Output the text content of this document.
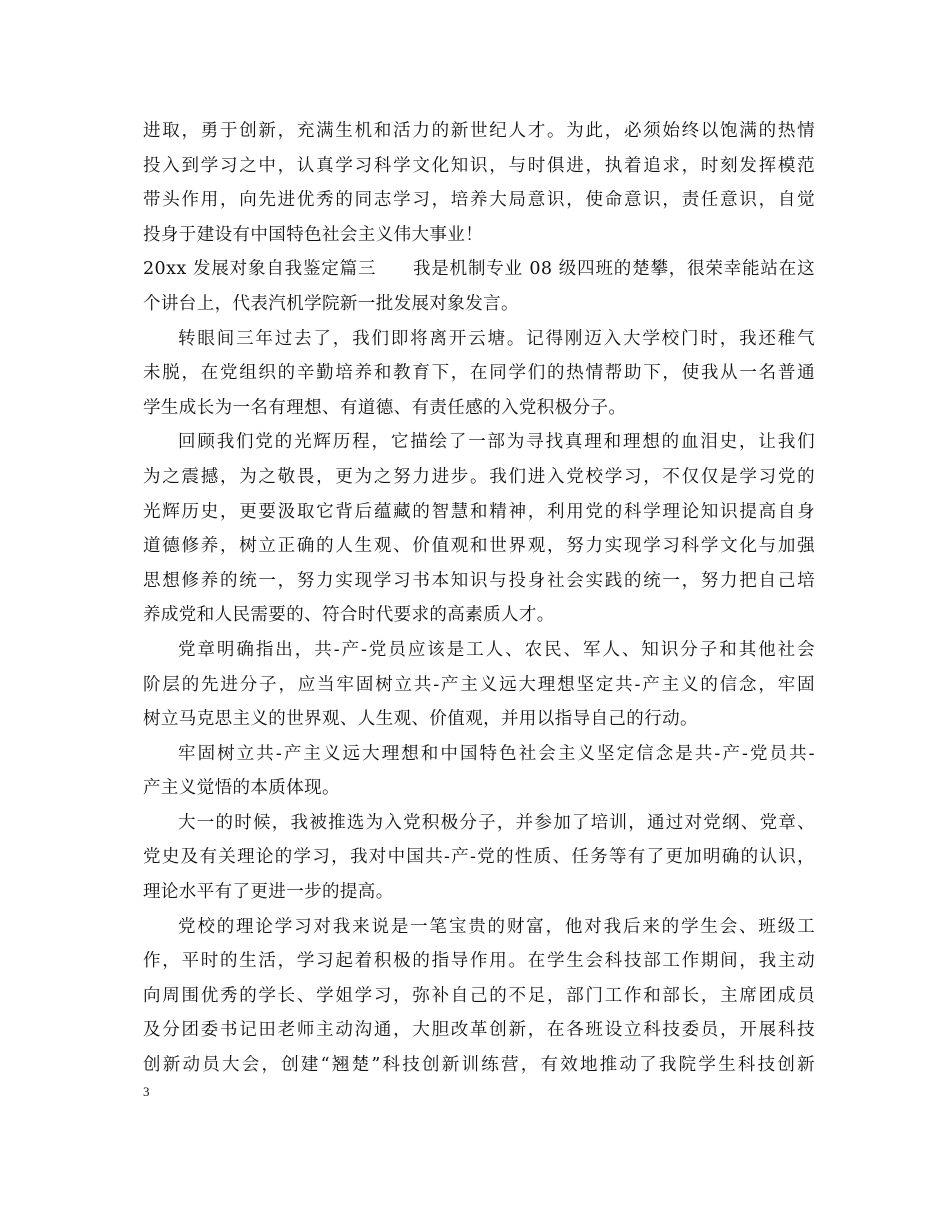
进取，勇于创新，充满生机和活力的新世纪人才。为此，必须始终以饱满的热情
投入到学习之中，认真学习科学文化知识，与时俱进，执着追求，时刻发挥模范
带头作用，向先进优秀的同志学习，培养大局意识，使命意识，责任意识，自觉
投身于建设有中国特色社会主义伟大事业！
20xx 发展对象自我鉴定篇三　　我是机制专业 08 级四班的楚攀，很荣幸能站在这
个讲台上，代表汽机学院新一批发展对象发言。
转眼间三年过去了，我们即将离开云塘。记得刚迈入大学校门时，我还稚气
未脱，在党组织的辛勤培养和教育下，在同学们的热情帮助下，使我从一名普通
学生成长为一名有理想、有道德、有责任感的入党积极分子。
回顾我们党的光辉历程，它描绘了一部为寻找真理和理想的血泪史，让我们
为之震撼，为之敬畏，更为之努力进步。我们进入党校学习，不仅仅是学习党的
光辉历史，更要汲取它背后蕴藏的智慧和精神，利用党的科学理论知识提高自身
道德修养，树立正确的人生观、价值观和世界观，努力实现学习科学文化与加强
思想修养的统一，努力实现学习书本知识与投身社会实践的统一，努力把自己培
养成党和人民需要的、符合时代要求的高素质人才。
党章明确指出，共-产-党员应该是工人、农民、军人、知识分子和其他社会
阶层的先进分子，应当牢固树立共-产主义远大理想坚定共-产主义的信念，牢固
树立马克思主义的世界观、人生观、价值观，并用以指导自己的行动。
牢固树立共-产主义远大理想和中国特色社会主义坚定信念是共-产-党员共-
产主义觉悟的本质体现。
大一的时候，我被推选为入党积极分子，并参加了培训，通过对党纲、党章、
党史及有关理论的学习，我对中国共-产-党的性质、任务等有了更加明确的认识，
理论水平有了更进一步的提高。
党校的理论学习对我来说是一笔宝贵的财富，他对我后来的学生会、班级工
作，平时的生活，学习起着积极的指导作用。在学生会科技部工作期间，我主动
向周围优秀的学长、学姐学习，弥补自己的不足，部门工作和部长，主席团成员
及分团委书记田老师主动沟通，大胆改革创新，在各班设立科技委员，开展科技
创新动员大会，创建“翘楚”科技创新训练营，有效地推动了我院学生科技创新
3
